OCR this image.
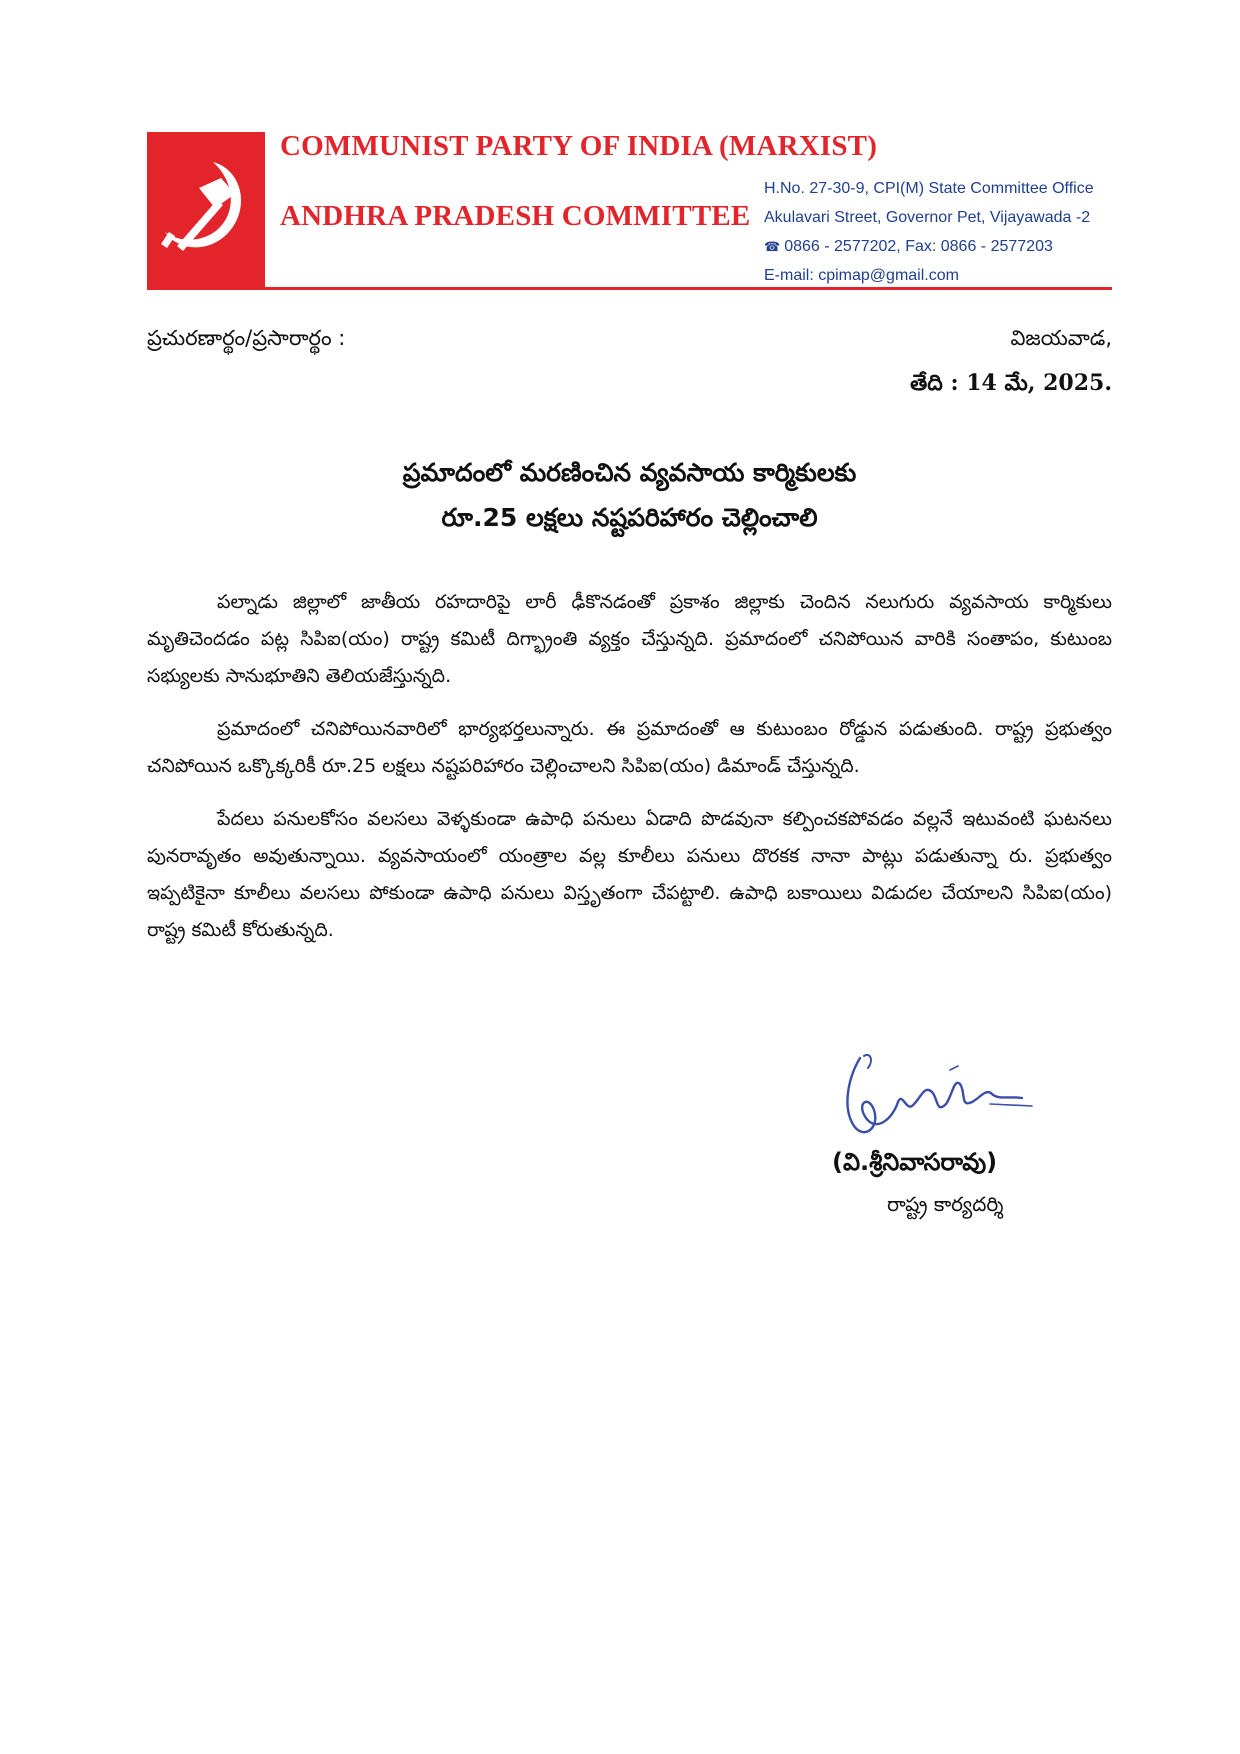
COMMUNIST PARTY OF INDIA (MARXIST)
ANDHRA PRADESH COMMITTEE
H.No. 27-30-9, CPI(M) State Committee Office
Akulavari Street, Governor Pet, Vijayawada -2
☎ 0866 - 2577202, Fax: 0866 - 2577203
E-mail: cpimap@gmail.com
ప్రచురణార్థం/ప్రసారార్థం :	విజయవాడ,
తేది : 14 మే, 2025.
ప్రమాదంలో మరణించిన వ్యవసాయ కార్మికులకు
రూ.25 లక్షలు నష్టపరిహారం చెల్లించాలి

పల్నాడు జిల్లాలో జాతీయ రహదారిపై లారీ ఢీకొనడంతో ప్రకాశం జిల్లాకు చెందిన నలుగురు వ్యవసాయ కార్మికులు మృతిచెందడం పట్ల సిపిఐ(యం) రాష్ట్ర కమిటీ దిగ్భ్రాంతి వ్యక్తం చేస్తున్నది. ప్రమాదంలో చనిపోయిన వారికి సంతాపం, కుటుంబ సభ్యులకు సానుభూతిని తెలియజేస్తున్నది.

ప్రమాదంలో చనిపోయినవారిలో భార్యభర్తలున్నారు. ఈ ప్రమాదంతో ఆ కుటుంబం రోడ్డున పడుతుంది. రాష్ట్ర ప్రభుత్వం చనిపోయిన ఒక్కొక్కరికీ రూ.25 లక్షలు నష్టపరిహారం చెల్లించాలని సిపిఐ(యం) డిమాండ్ చేస్తున్నది.

పేదలు పనులకోసం వలసలు వెళ్ళకుండా ఉపాధి పనులు ఏడాది పొడవునా కల్పించకపోవడం వల్లనే ఇటువంటి ఘటనలు పునరావృతం అవుతున్నాయి. వ్యవసాయంలో యంత్రాల వల్ల కూలీలు పనులు దొరకక నానా పాట్లు పడుతున్నా రు. ప్రభుత్వం ఇప్పటికైనా కూలీలు వలసలు పోకుండా ఉపాధి పనులు విస్తృతంగా చేపట్టాలి. ఉపాధి బకాయిలు విడుదల చేయాలని సిపిఐ(యం) రాష్ట్ర కమిటీ కోరుతున్నది.

(వి.శ్రీనివాసరావు)
రాష్ట్ర కార్యదర్శి
